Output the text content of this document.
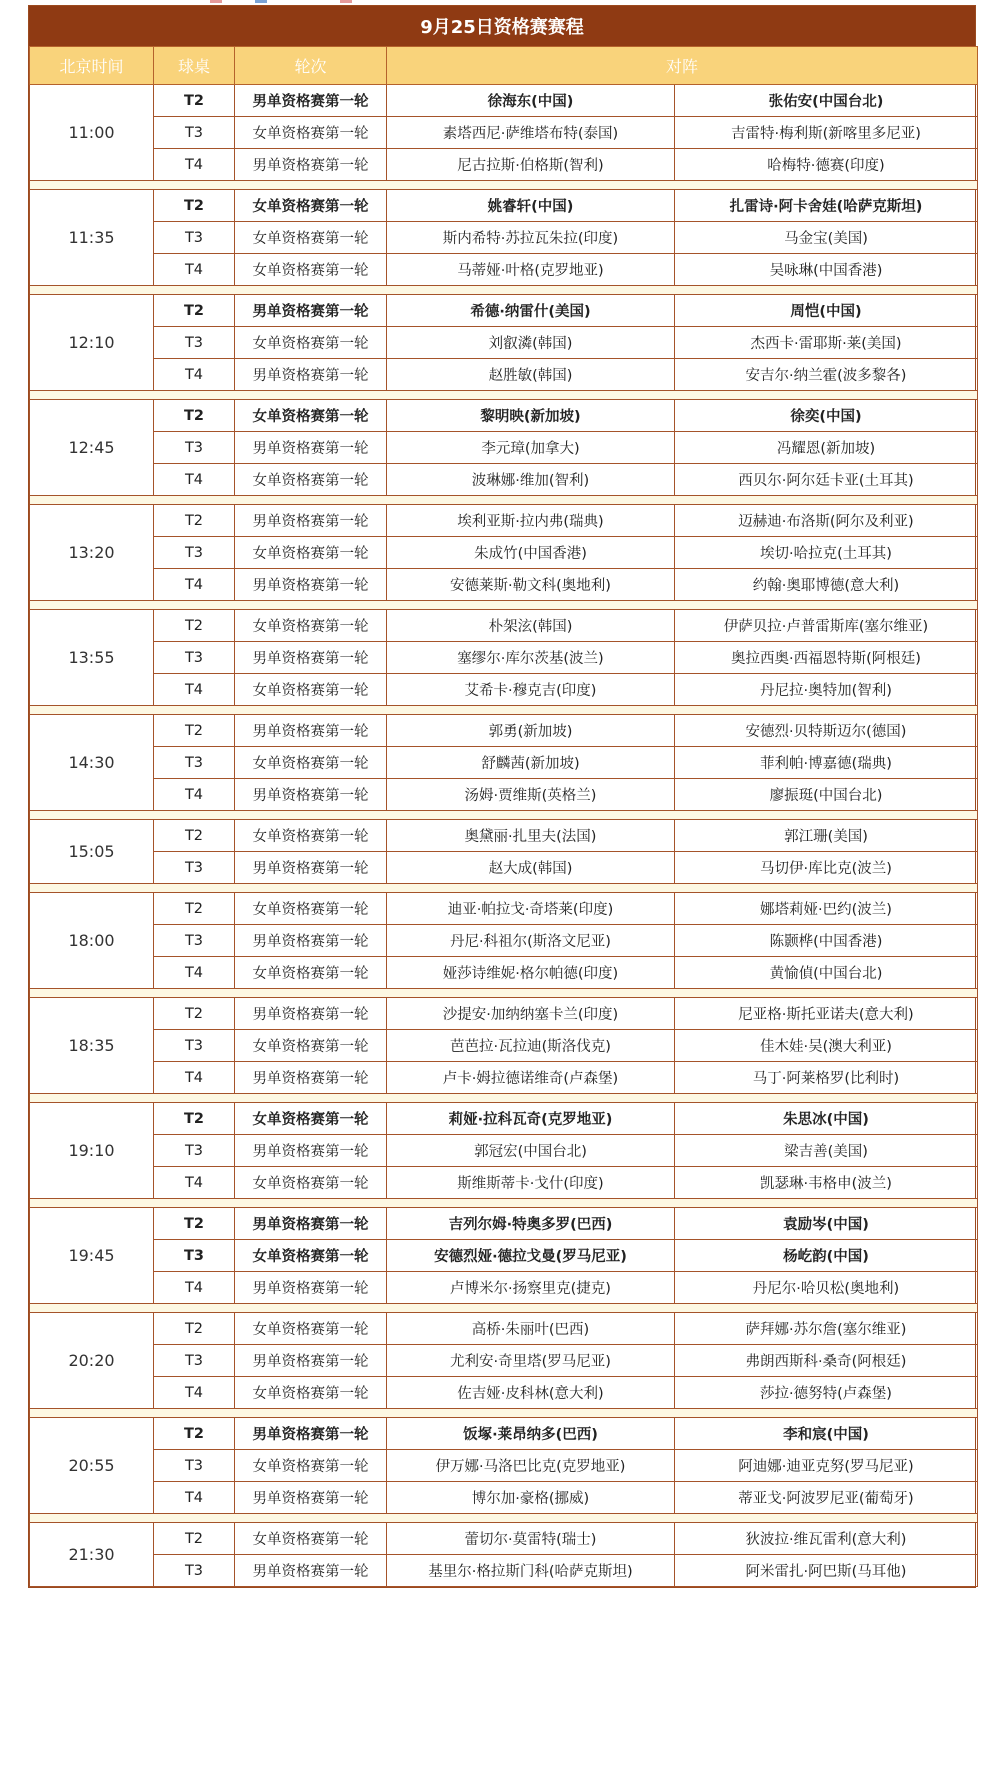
9月25日资格赛赛程
北京时间	球桌	轮次	对阵	
11:00	T2	男单资格赛第一轮	徐海东(中国)	张佑安(中国台北)
	T3	女单资格赛第一轮	素塔西尼·萨维塔布特(泰国)	吉雷特·梅利斯(新喀里多尼亚)
	T4	男单资格赛第一轮	尼古拉斯·伯格斯(智利)	哈梅特·德赛(印度)

11:35	T2	女单资格赛第一轮	姚睿轩(中国)	扎雷诗·阿卡舍娃(哈萨克斯坦)
	T3	女单资格赛第一轮	斯内希特·苏拉瓦朱拉(印度)	马金宝(美国)
	T4	女单资格赛第一轮	马蒂娅·叶格(克罗地亚)	吴咏琳(中国香港)

12:10	T2	男单资格赛第一轮	希德·纳雷什(美国)	周恺(中国)
	T3	女单资格赛第一轮	刘叡潾(韩国)	杰西卡·雷耶斯·莱(美国)
	T4	男单资格赛第一轮	赵胜敏(韩国)	安吉尔·纳兰霍(波多黎各)

12:45	T2	女单资格赛第一轮	黎明映(新加坡)	徐奕(中国)
	T3	男单资格赛第一轮	李元璋(加拿大)	冯耀恩(新加坡)
	T4	女单资格赛第一轮	波琳娜·维加(智利)	西贝尔·阿尔廷卡亚(土耳其)

13:20	T2	男单资格赛第一轮	埃利亚斯·拉内弗(瑞典)	迈赫迪·布洛斯(阿尔及利亚)
	T3	女单资格赛第一轮	朱成竹(中国香港)	埃切·哈拉克(土耳其)
	T4	男单资格赛第一轮	安德莱斯·勒文科(奥地利)	约翰·奥耶博德(意大利)

13:55	T2	女单资格赛第一轮	朴架泫(韩国)	伊萨贝拉·卢普雷斯库(塞尔维亚)
	T3	男单资格赛第一轮	塞缪尔·库尔茨基(波兰)	奥拉西奥·西福恩特斯(阿根廷)
	T4	女单资格赛第一轮	艾希卡·穆克吉(印度)	丹尼拉·奥特加(智利)

14:30	T2	男单资格赛第一轮	郭勇(新加坡)	安德烈·贝特斯迈尔(德国)
	T3	女单资格赛第一轮	舒麟茜(新加坡)	菲利帕·博嘉德(瑞典)
	T4	男单资格赛第一轮	汤姆·贾维斯(英格兰)	廖振珽(中国台北)

15:05	T2	女单资格赛第一轮	奥黛丽·扎里夫(法国)	郭江珊(美国)
	T3	男单资格赛第一轮	赵大成(韩国)	马切伊·库比克(波兰)

18:00	T2	女单资格赛第一轮	迪亚·帕拉戈·奇塔莱(印度)	娜塔莉娅·巴约(波兰)
	T3	男单资格赛第一轮	丹尼·科祖尔(斯洛文尼亚)	陈颢桦(中国香港)
	T4	女单资格赛第一轮	娅莎诗维妮·格尔帕德(印度)	黄愉偵(中国台北)

18:35	T2	男单资格赛第一轮	沙提安·加纳纳塞卡兰(印度)	尼亚格·斯托亚诺夫(意大利)
	T3	女单资格赛第一轮	芭芭拉·瓦拉迪(斯洛伐克)	佳木娃·吴(澳大利亚)
	T4	男单资格赛第一轮	卢卡·姆拉德诺维奇(卢森堡)	马丁·阿莱格罗(比利时)

19:10	T2	女单资格赛第一轮	莉娅·拉科瓦奇(克罗地亚)	朱思冰(中国)
	T3	男单资格赛第一轮	郭冠宏(中国台北)	梁吉善(美国)
	T4	女单资格赛第一轮	斯维斯蒂卡·戈什(印度)	凯瑟琳·韦格申(波兰)

19:45	T2	男单资格赛第一轮	吉列尔姆·特奥多罗(巴西)	袁励岑(中国)
	T3	女单资格赛第一轮	安德烈娅·德拉戈曼(罗马尼亚)	杨屹韵(中国)
	T4	男单资格赛第一轮	卢博米尔·扬察里克(捷克)	丹尼尔·哈贝松(奥地利)

20:20	T2	女单资格赛第一轮	高桥·朱丽叶(巴西)	萨拜娜·苏尔詹(塞尔维亚)
	T3	男单资格赛第一轮	尤利安·奇里塔(罗马尼亚)	弗朗西斯科·桑奇(阿根廷)
	T4	女单资格赛第一轮	佐吉娅·皮科林(意大利)	莎拉·德努特(卢森堡)

20:55	T2	男单资格赛第一轮	饭塚·莱昂纳多(巴西)	李和宸(中国)
	T3	女单资格赛第一轮	伊万娜·马洛巴比克(克罗地亚)	阿迪娜·迪亚克努(罗马尼亚)
	T4	男单资格赛第一轮	博尔加·豪格(挪威)	蒂亚戈·阿波罗尼亚(葡萄牙)

21:30	T2	女单资格赛第一轮	蕾切尔·莫雷特(瑞士)	狄波拉·维瓦雷利(意大利)
	T3	男单资格赛第一轮	基里尔·格拉斯门科(哈萨克斯坦)	阿米雷扎·阿巴斯(马耳他)
